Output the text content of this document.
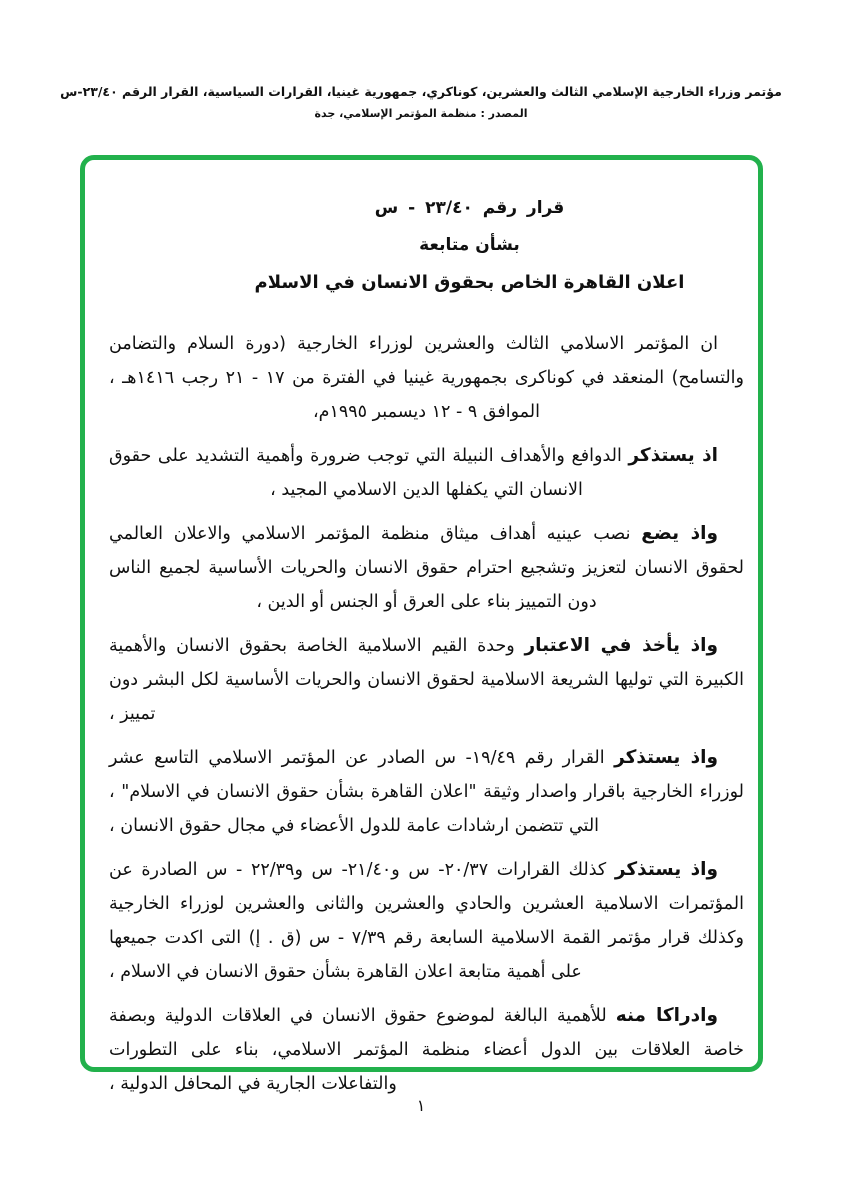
مؤتمر وزراء الخارجية الإسلامي الثالث والعشرين، كوناكري، جمهورية غينيا، القرارات السياسية، القرار الرقم ٢٣/٤٠-س
المصدر : منظمة المؤتمر الإسلامي، جدة
قرار رقم ٢٣/٤٠ - س
بشأن متابعة
اعلان القاهرة الخاص بحقوق الانسان في الاسلام

ان المؤتمر الاسلامي الثالث والعشرين لوزراء الخارجية (دورة السلام والتضامن والتسامح) المنعقد في كوناكرى بجمهورية غينيا في الفترة من ١٧ - ٢١ رجب ١٤١٦هـ ، الموافق ٩ - ١٢ ديسمبر ١٩٩٥م،

اذ يستذكر الدوافع والأهداف النبيلة التي توجب ضرورة وأهمية التشديد على حقوق الانسان التي يكفلها الدين الاسلامي المجيد ،

واذ يضع نصب عينيه أهداف ميثاق منظمة المؤتمر الاسلامي والاعلان العالمي لحقوق الانسان لتعزيز وتشجيع احترام حقوق الانسان والحريات الأساسية لجميع الناس دون التمييز بناء على العرق أو الجنس أو الدين ،

واذ يأخذ في الاعتبار وحدة القيم الاسلامية الخاصة بحقوق الانسان والأهمية الكبيرة التي توليها الشريعة الاسلامية لحقوق الانسان والحريات الأساسية لكل البشر دون تمييز ،

واذ يستذكر القرار رقم ١٩/٤٩- س الصادر عن المؤتمر الاسلامي التاسع عشر لوزراء الخارجية باقرار واصدار وثيقة "اعلان القاهرة بشأن حقوق الانسان في الاسلام" ، التي تتضمن ارشادات عامة للدول الأعضاء في مجال حقوق الانسان ،

واذ يستذكر كذلك القرارات ٢٠/٣٧- س و٢١/٤٠- س و٢٢/٣٩ - س الصادرة عن المؤتمرات الاسلامية العشرين والحادي والعشرين والثانى والعشرين لوزراء الخارجية وكذلك قرار مؤتمر القمة الاسلامية السابعة رقم ٧/٣٩ - س (ق . إ) التى اكدت جميعها على أهمية متابعة اعلان القاهرة بشأن حقوق الانسان في الاسلام ،

وادراكا منه للأهمية البالغة لموضوع حقوق الانسان في العلاقات الدولية وبصفة خاصة العلاقات بين الدول أعضاء منظمة المؤتمر الاسلامي، بناء على التطورات والتفاعلات الجارية في المحافل الدولية ،

١
